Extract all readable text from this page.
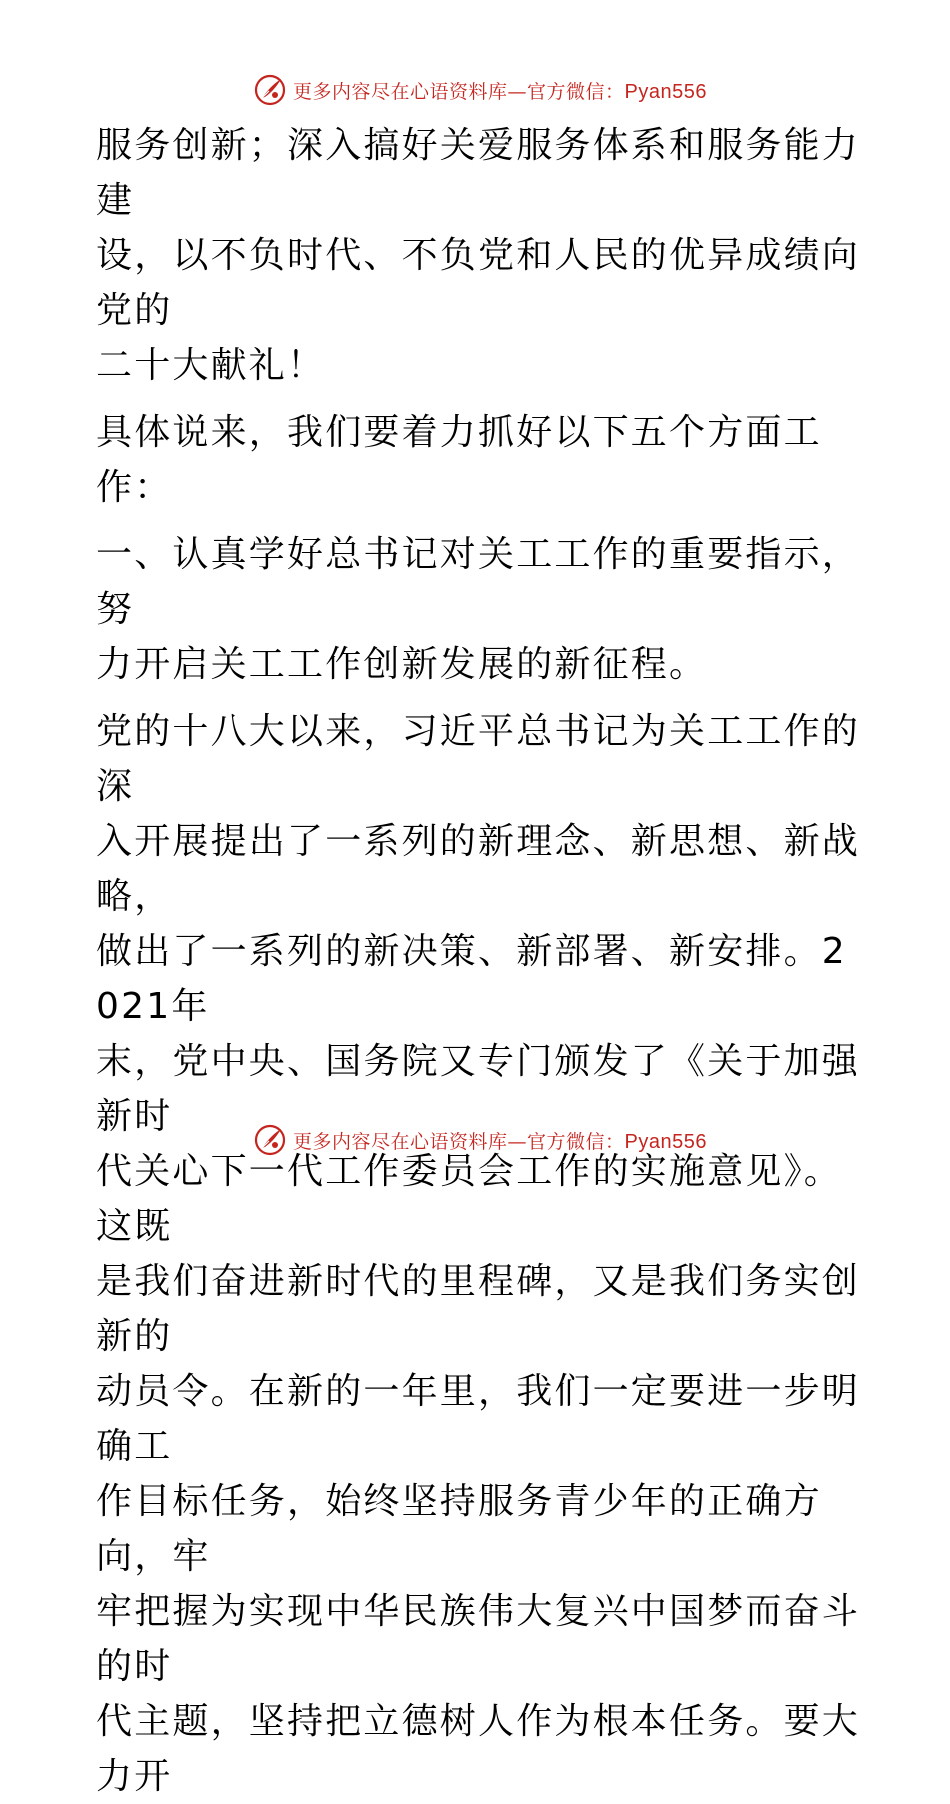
更多内容尽在心语资料库—官方微信：Pyan556

服务创新；深入搞好关爱服务体系和服务能力建
设，以不负时代、不负党和人民的优异成绩向党的
二十大献礼！

具体说来，我们要着力抓好以下五个方面工作：

一、认真学好总书记对关工工作的重要指示，努
力开启关工工作创新发展的新征程。

党的十八大以来，习近平总书记为关工工作的深
入开展提出了一系列的新理念、新思想、新战略，
做出了一系列的新决策、新部署、新安排。2021年
末，党中央、国务院又专门颁发了《关于加强新时
代关心下一代工作委员会工作的实施意见》。这既
是我们奋进新时代的里程碑，又是我们务实创新的
动员令。在新的一年里，我们一定要进一步明确工
作目标任务，始终坚持服务青少年的正确方向，牢
牢把握为实现中华民族伟大复兴中国梦而奋斗的时
代主题，坚持把立德树人作为根本任务。要大力开

更多内容尽在心语资料库—官方微信：Pyan556
